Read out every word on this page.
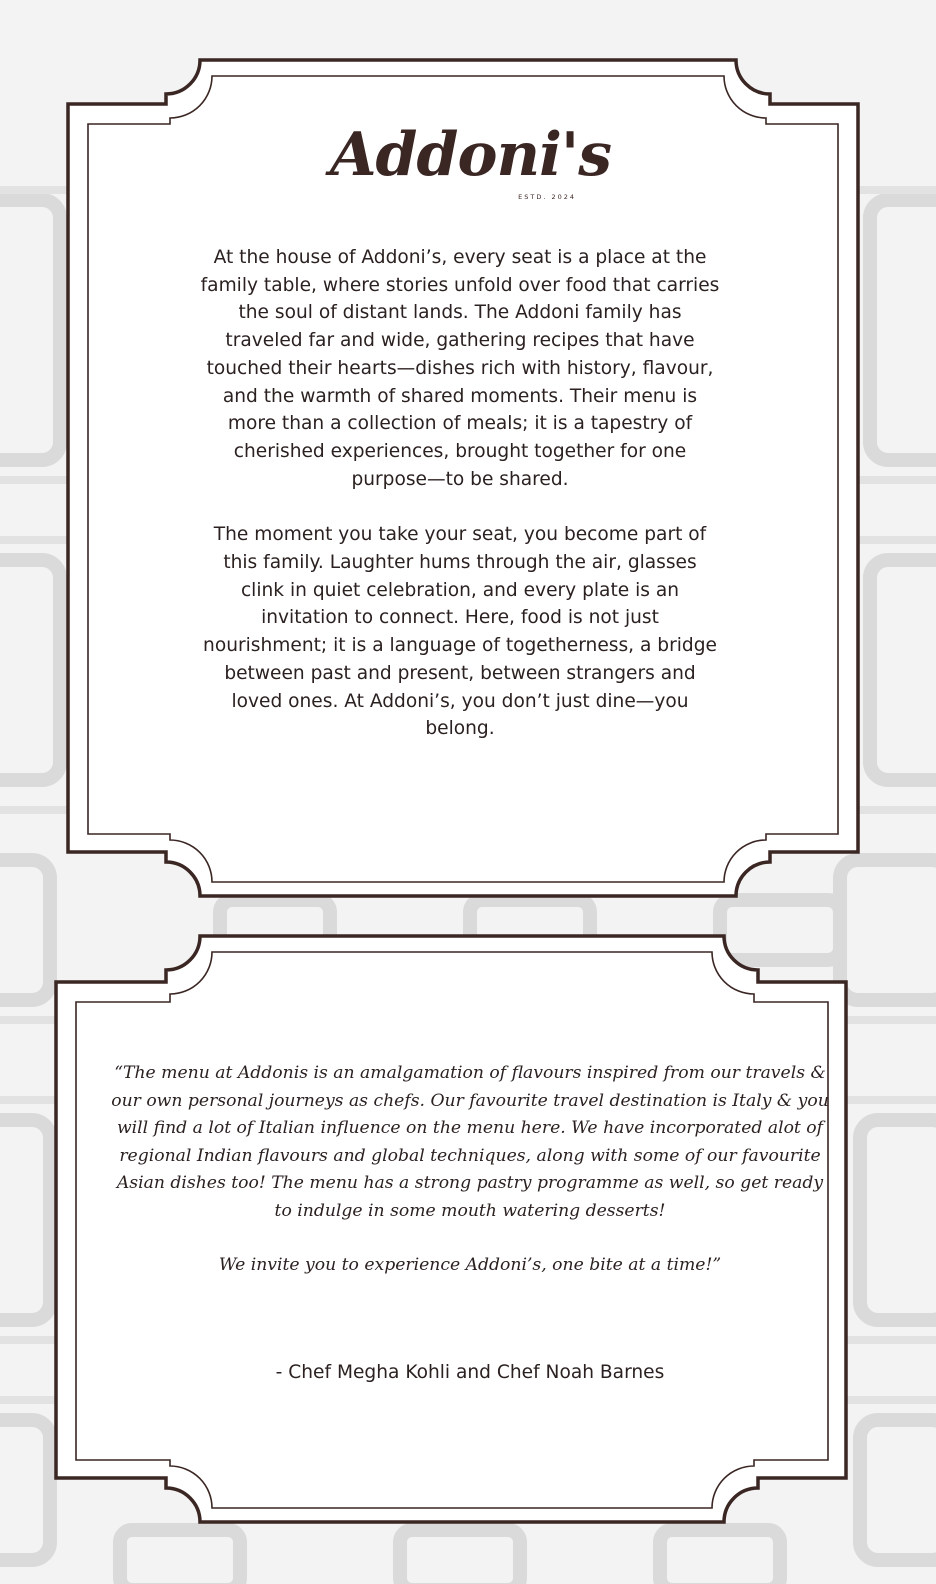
Addoni's
ESTD. 2024

At the house of Addoni’s, every seat is a place at the family table, where stories unfold over food that carries the soul of distant lands. The Addoni family has traveled far and wide, gathering recipes that have touched their hearts—dishes rich with history, flavour, and the warmth of shared moments. Their menu is more than a collection of meals; it is a tapestry of cherished experiences, brought together for one purpose—to be shared.

The moment you take your seat, you become part of this family. Laughter hums through the air, glasses clink in quiet celebration, and every plate is an invitation to connect. Here, food is not just nourishment; it is a language of togetherness, a bridge between past and present, between strangers and loved ones. At Addoni’s, you don’t just dine—you belong.

“The menu at Addonis is an amalgamation of flavours inspired from our travels & our own personal journeys as chefs. Our favourite travel destination is Italy & you will find a lot of Italian influence on the menu here. We have incorporated alot of regional Indian flavours and global techniques, along with some of our favourite Asian dishes too! The menu has a strong pastry programme as well, so get ready to indulge in some mouth watering desserts!

We invite you to experience Addoni’s, one bite at a time!”

- Chef Megha Kohli and Chef Noah Barnes
